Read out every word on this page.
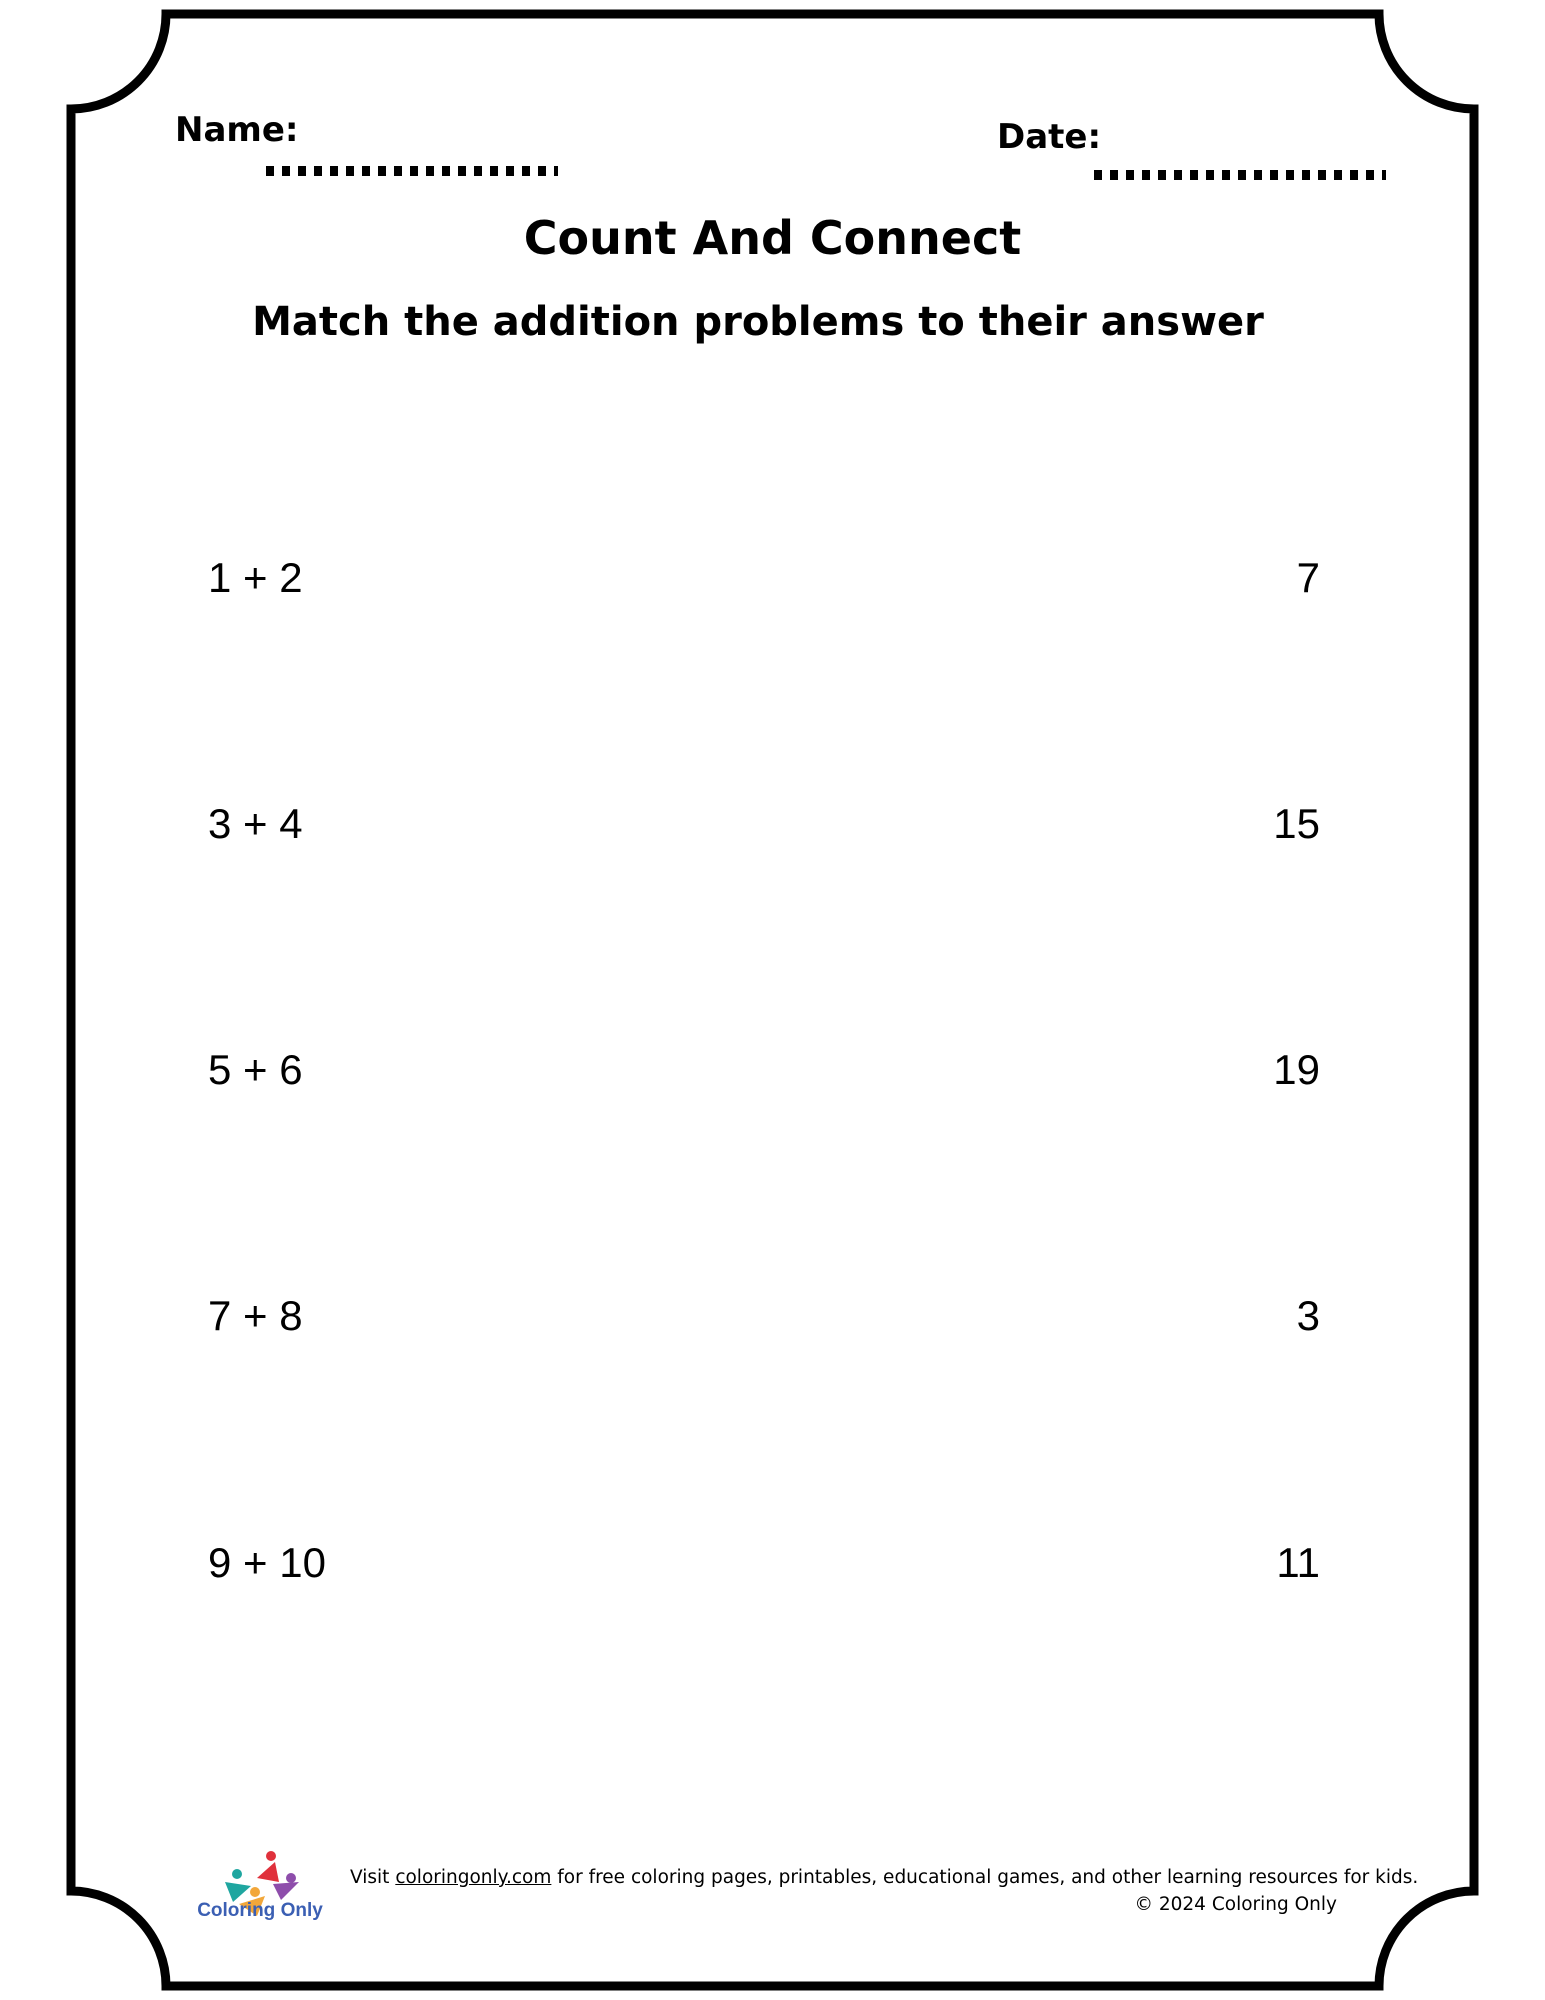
Name:	Date:

Count And Connect
Match the addition problems to their answer
1 + 2
3 + 4
5 + 6
7 + 8
9 + 10
7
15
19
3
11
Coloring Only
Visit coloringonly.com for free coloring pages, printables, educational games, and other learning resources for kids.
© 2024 Coloring Only
